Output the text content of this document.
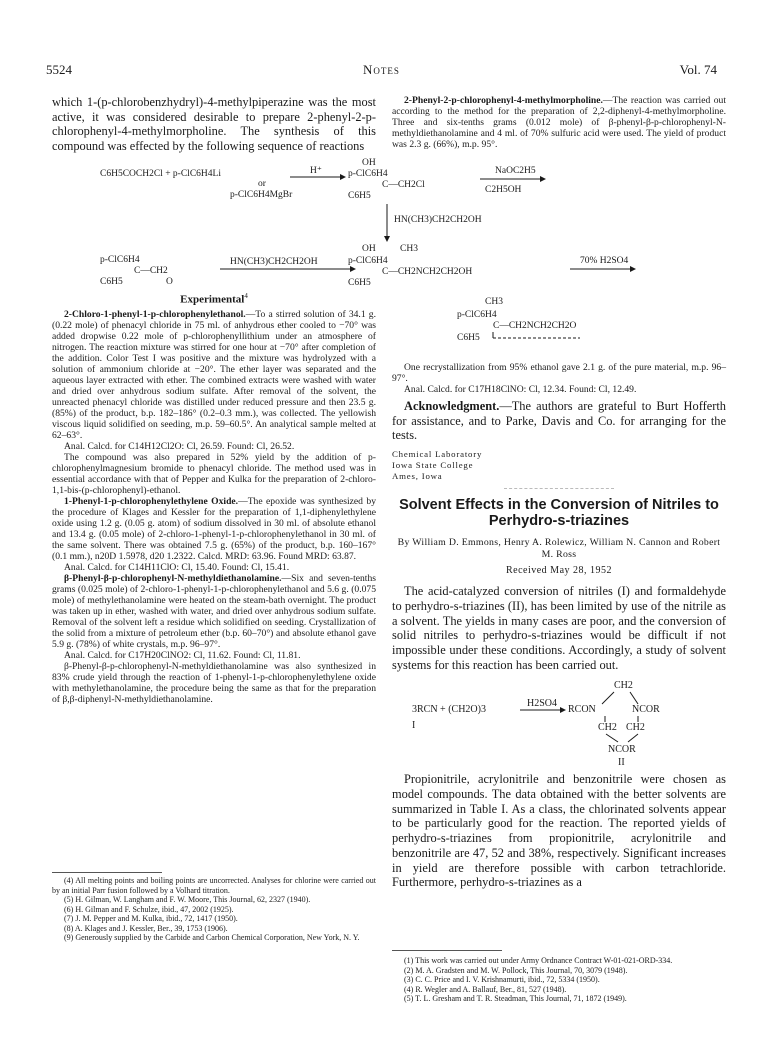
5524	Notes	Vol. 74

which 1-(p-chlorobenzhydryl)-4-methylpiperazine was the most active, it was considered desirable to prepare 2-phenyl-2-p-chlorophenyl-4-methylmorpholine. The synthesis of this compound was effected by the following sequence of reactions

2-Phenyl-2-p-chlorophenyl-4-methylmorpholine.—The reaction was carried out according to the method for the preparation of 2,2-diphenyl-4-methylmorpholine. Three and six-tenths grams (0.012 mole) of β-phenyl-β-p-chlorophenyl-N-methyldiethanolamine and 4 ml. of 70% sulfuric acid were used. The yield of product was 2.3 g. (66%), m.p. 95°.

C6H5COCH2Cl + p-ClC6H4Li	H⁺
or
p-ClC6H4MgBr
OH
p-ClC6H4
C—CH2Cl
C6H5
NaOC2H5
C2H5OH
HN(CH3)CH2CH2OH
p-ClC6H4
C—CH2
C6H5	O
HN(CH3)CH2CH2OH
OH	CH3
p-ClC6H4
C—CH2NCH2CH2OH
C6H5
70% H2SO4
CH3
p-ClC6H4
C—CH2NCH2CH2O
C6H5

Experimental$^4$

2-Chloro-1-phenyl-1-p-chlorophenylethanol.—To a stirred solution of 34.1 g. (0.22 mole) of phenacyl chloride in 75 ml. of anhydrous ether cooled to −70° was added dropwise 0.22 mole of p-chlorophenyllithium under an atmosphere of nitrogen. The reaction mixture was stirred for one hour at −70° after completion of the addition. Color Test I was positive and the mixture was hydrolyzed with a solution of ammonium chloride at −20°. The ether layer was separated and the aqueous layer extracted with ether. The combined extracts were washed with water and dried over anhydrous sodium sulfate. After removal of the solvent, the unreacted phenacyl chloride was distilled under reduced pressure and then 23.5 g. (85%) of the product, b.p. 182–186° (0.2–0.3 mm.), was collected. The yellowish viscous liquid solidified on seeding, m.p. 59–60.5°. An analytical sample melted at 62–63°.

Anal. Calcd. for C14H12Cl2O: Cl, 26.59. Found: Cl, 26.52.

The compound was also prepared in 52% yield by the addition of p-chlorophenylmagnesium bromide to phenacyl chloride. The method used was in essential accordance with that of Pepper and Kulka for the preparation of 2-chloro-1,1-bis-(p-chlorophenyl)-ethanol.

1-Phenyl-1-p-chlorophenylethylene Oxide.—The epoxide was synthesized by the procedure of Klages and Kessler for the preparation of 1,1-diphenylethylene oxide using 1.2 g. (0.05 g. atom) of sodium dissolved in 30 ml. of absolute ethanol and 13.4 g. (0.05 mole) of 2-chloro-1-phenyl-1-p-chlorophenylethanol in 30 ml. of the same solvent. There was obtained 7.5 g. (65%) of the product, b.p. 160–167° (0.1 mm.), n20D 1.5978, d20 1.2322. Calcd. MRD: 63.96. Found MRD: 63.87.

Anal. Calcd. for C14H11ClO: Cl, 15.40. Found: Cl, 15.41.

β-Phenyl-β-p-chlorophenyl-N-methyldiethanolamine.—Six and seven-tenths grams (0.025 mole) of 2-chloro-1-phenyl-1-p-chlorophenylethanol and 5.6 g. (0.075 mole) of methylethanolamine were heated on the steam-bath overnight. The product was taken up in ether, washed with water, and dried over anhydrous sodium sulfate. Removal of the solvent left a residue which solidified on seeding. Crystallization of the solid from a mixture of petroleum ether (b.p. 60–70°) and absolute ethanol gave 5.9 g. (78%) of white crystals, m.p. 96–97°.

Anal. Calcd. for C17H20ClNO2: Cl, 11.62. Found: Cl, 11.81.

β-Phenyl-β-p-chlorophenyl-N-methyldiethanolamine was also synthesized in 83% crude yield through the reaction of 1-phenyl-1-p-chlorophenylethylene oxide with methylethanolamine, the procedure being the same as that for the preparation of β,β-diphenyl-N-methyldiethanolamine.

(4) All melting points and boiling points are uncorrected. Analyses for chlorine were carried out by an initial Parr fusion followed by a Volhard titration.

(5) H. Gilman, W. Langham and F. W. Moore, This Journal, 62, 2327 (1940).

(6) H. Gilman and F. Schulze, ibid., 47, 2002 (1925).

(7) J. M. Pepper and M. Kulka, ibid., 72, 1417 (1950).

(8) A. Klages and J. Kessler, Ber., 39, 1753 (1906).

(9) Generously supplied by the Carbide and Carbon Chemical Corporation, New York, N. Y.

One recrystallization from 95% ethanol gave 2.1 g. of the pure material, m.p. 96–97°.

Anal. Calcd. for C17H18ClNO: Cl, 12.34. Found: Cl, 12.49.

Acknowledgment.—The authors are grateful to Burt Hofferth for assistance, and to Parke, Davis and Co. for arranging for the tests.

Chemical Laboratory

Iowa State College

Ames, Iowa

Solvent Effects in the Conversion of Nitriles to Perhydro-s-triazines

By William D. Emmons, Henry A. Rolewicz, William N. Cannon and Robert M. Ross

Received May 28, 1952

The acid-catalyzed conversion of nitriles (I) and formaldehyde to perhydro-s-triazines (II), has been limited by use of the nitrile as a solvent. The yields in many cases are poor, and the conversion of solid nitriles to perhydro-s-triazines would be difficult if not impossible under these conditions. Accordingly, a study of solvent systems for this reaction has been carried out.

3RCN + (CH2O)3
H2SO4
RCON	NCOR
CH2
CH2 CH2
NCOR
I
II

Propionitrile, acrylonitrile and benzonitrile were chosen as model compounds. The data obtained with the better solvents are summarized in Table I. As a class, the chlorinated solvents appear to be particularly good for the reaction. The reported yields of perhydro-s-triazines from propionitrile, acrylonitrile and benzonitrile are 47, 52 and 38%, respectively. Significant increases in yield are therefore possible with carbon tetrachloride. Furthermore, perhydro-s-triazines as a

(1) This work was carried out under Army Ordnance Contract W-01-021-ORD-334.

(2) M. A. Gradsten and M. W. Pollock, This Journal, 70, 3079 (1948).

(3) C. C. Price and I. V. Krishnamurti, ibid., 72, 5334 (1950).

(4) R. Wegler and A. Ballauf, Ber., 81, 527 (1948).

(5) T. L. Gresham and T. R. Steadman, This Journal, 71, 1872 (1949).
